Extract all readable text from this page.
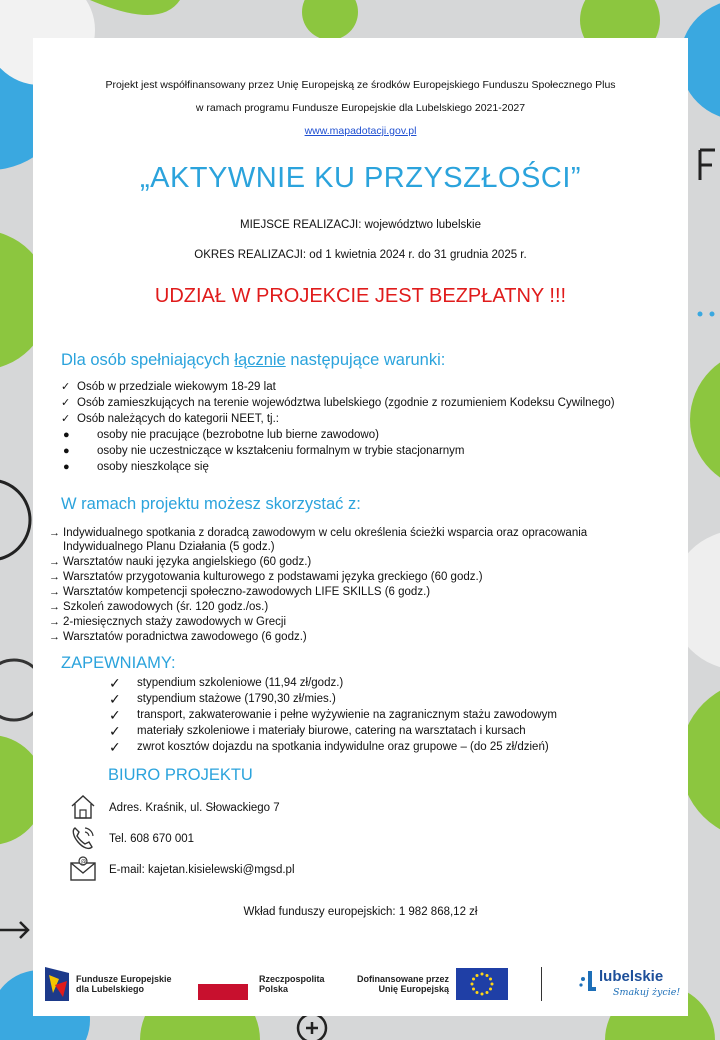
Projekt jest współfinansowany przez Unię Europejską ze środków Europejskiego Funduszu Społecznego Plus
w ramach programu Fundusze Europejskie dla Lubelskiego 2021-2027
www.mapadotacji.gov.pl
„AKTYWNIE KU PRZYSZŁOŚCI”
MIEJSCE REALIZACJI: województwo lubelskie
OKRES REALIZACJI: od 1 kwietnia 2024 r. do 31 grudnia 2025 r.
UDZIAŁ W PROJEKCIE JEST BEZPŁATNY !!!
Dla osób spełniających łącznie następujące warunki:
✓ Osób w przedziale wiekowym 18-29 lat
✓ Osób zamieszkujących na terenie województwa lubelskiego (zgodnie z rozumieniem Kodeksu Cywilnego)
✓ Osób należących do kategorii NEET, tj.:
● osoby nie pracujące (bezrobotne lub bierne zawodowo)
● osoby nie uczestniczące w kształceniu formalnym w trybie stacjonarnym
● osoby nieszkolące się
W ramach projektu możesz skorzystać z:
→ Indywidualnego spotkania z doradcą zawodowym w celu określenia ścieżki wsparcia oraz opracowania Indywidualnego Planu Działania (5 godz.)
→ Warsztatów nauki języka angielskiego (60 godz.)
→ Warsztatów przygotowania kulturowego z podstawami języka greckiego (60 godz.)
→ Warsztatów kompetencji społeczno-zawodowych LIFE SKILLS (6 godz.)
→ Szkoleń zawodowych (śr. 120 godz./os.)
→ 2-miesięcznych staży zawodowych w Grecji
→ Warsztatów poradnictwa zawodowego (6 godz.)
ZAPEWNIAMY:
✓ stypendium szkoleniowe (11,94 zł/godz.)
✓ stypendium stażowe (1790,30 zł/mies.)
✓ transport, zakwaterowanie i pełne wyżywienie na zagranicznym stażu zawodowym
✓ materiały szkoleniowe i materiały biurowe, catering na warsztatach i kursach
✓ zwrot kosztów dojazdu na spotkania indywidulne oraz grupowe – (do 25 zł/dzień)
BIURO PROJEKTU
Adres. Kraśnik, ul. Słowackiego 7
Tel. 608 670 001
@
E-mail: kajetan.kisielewski@mgsd.pl
Wkład funduszy europejskich: 1 982 868,12 zł
Fundusze Europejskie
dla Lubelskiego
Rzeczpospolita
Polska
Dofinansowane przez
Unię Europejską
lubelskie
Smakuj życie!
